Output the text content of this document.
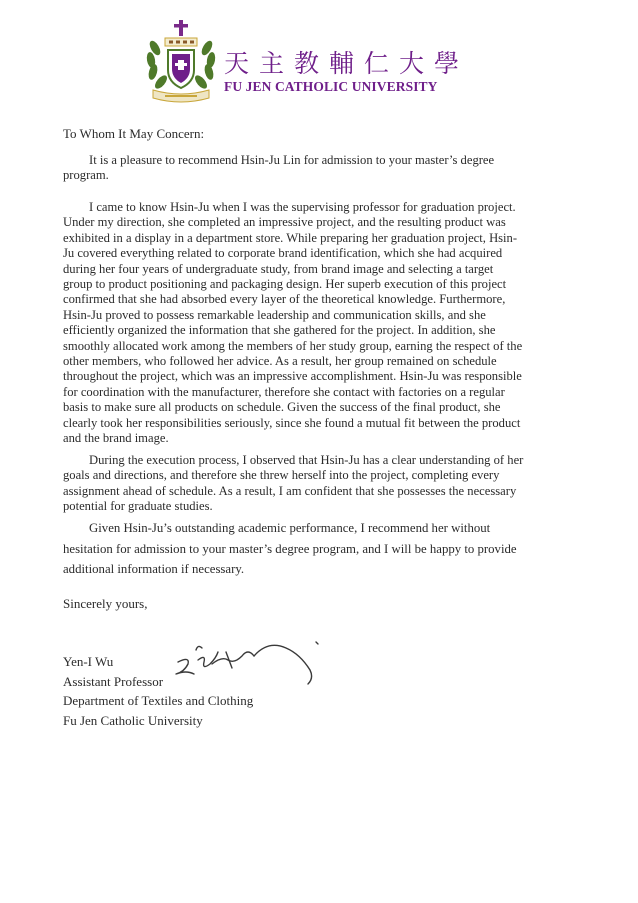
天主教輔仁大學
FU JEN CATHOLIC UNIVERSITY
To Whom It May Concern:

It is a pleasure to recommend Hsin-Ju Lin for admission to your master’s degree program.

I came to know Hsin-Ju when I was the supervising professor for graduation project. Under my direction, she completed an impressive project, and the resulting product was exhibited in a display in a department store. While preparing her graduation project, Hsin-Ju covered everything related to corporate brand identification, which she had acquired during her four years of undergraduate study, from brand image and selecting a target group to product positioning and packaging design. Her superb execution of this project confirmed that she had absorbed every layer of the theoretical knowledge. Furthermore, Hsin-Ju proved to possess remarkable leadership and communication skills, and she efficiently organized the information that she gathered for the project. In addition, she smoothly allocated work among the members of her study group, earning the respect of the other members, who followed her advice. As a result, her group remained on schedule throughout the project, which was an impressive accomplishment. Hsin-Ju was responsible for coordination with the manufacturer, therefore she contact with factories on a regular basis to make sure all products on schedule. Given the success of the final product, she clearly took her responsibilities seriously, since she found a mutual fit between the product and the brand image.

During the execution process, I observed that Hsin-Ju has a clear understanding of her goals and directions, and therefore she threw herself into the project, completing every assignment ahead of schedule. As a result, I am confident that she possesses the necessary potential for graduate studies.

Given Hsin-Ju’s outstanding academic performance, I recommend her without hesitation for admission to your master’s degree program, and I will be happy to provide additional information if necessary.

Sincerely yours,
Yen-I Wu
Assistant Professor
Department of Textiles and Clothing
Fu Jen Catholic University
